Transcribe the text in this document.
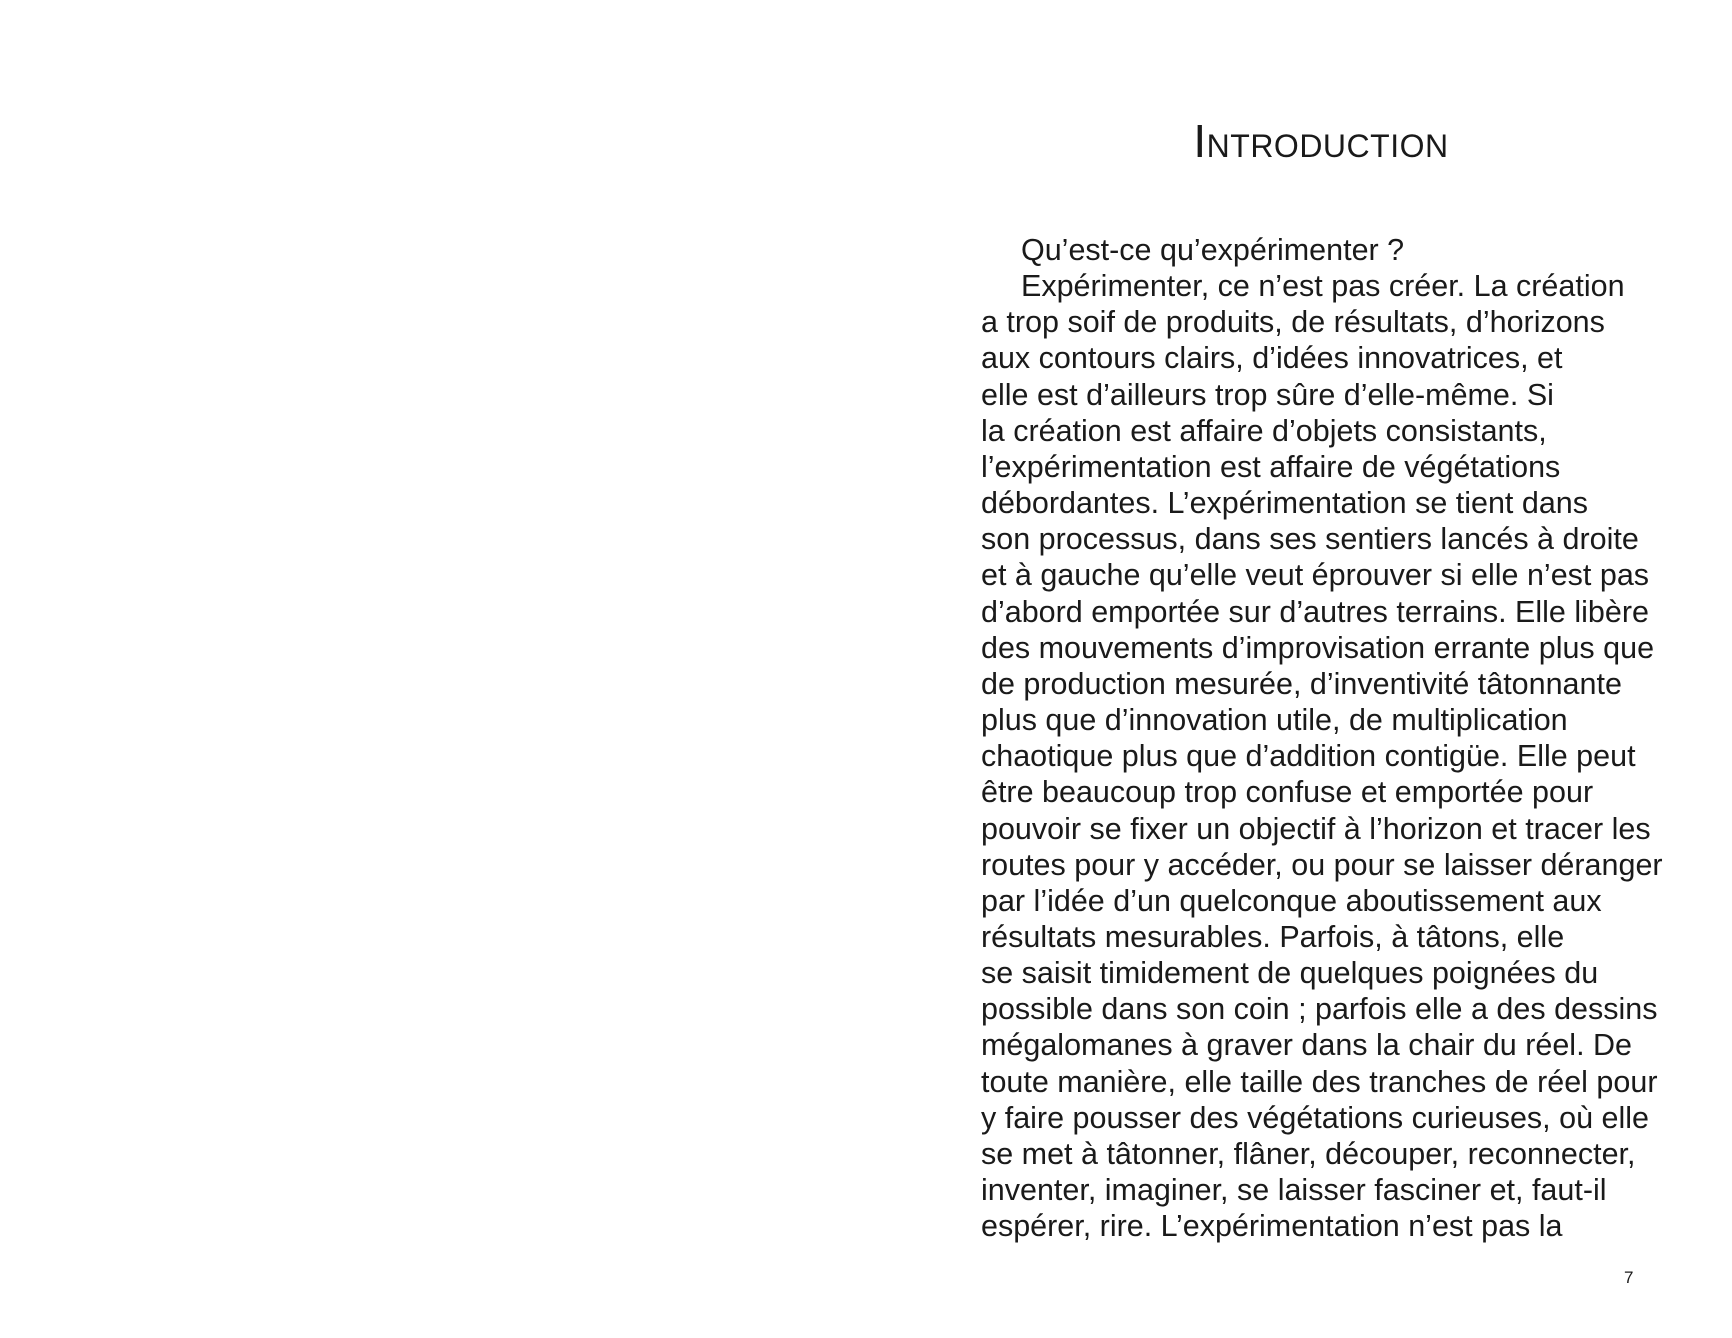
Introduction
Qu’est-ce qu’expérimenter ?
Expérimenter, ce n’est pas créer. La création
a trop soif de produits, de résultats, d’horizons
aux contours clairs, d’idées innovatrices, et
elle est d’ailleurs trop sûre d’elle-même. Si
la création est affaire d’objets consistants,
l’expérimentation est affaire de végétations
débordantes. L’expérimentation se tient dans
son processus, dans ses sentiers lancés à droite
et à gauche qu’elle veut éprouver si elle n’est pas
d’abord emportée sur d’autres terrains. Elle libère
des mouvements d’improvisation errante plus que
de production mesurée, d’inventivité tâtonnante
plus que d’innovation utile, de multiplication
chaotique plus que d’addition contigüe. Elle peut
être beaucoup trop confuse et emportée pour
pouvoir se fixer un objectif à l’horizon et tracer les
routes pour y accéder, ou pour se laisser déranger
par l’idée d’un quelconque aboutissement aux
résultats mesurables. Parfois, à tâtons, elle
se saisit timidement de quelques poignées du
possible dans son coin ; parfois elle a des dessins
mégalomanes à graver dans la chair du réel. De
toute manière, elle taille des tranches de réel pour
y faire pousser des végétations curieuses, où elle
se met à tâtonner, flâner, découper, reconnecter,
inventer, imaginer, se laisser fasciner et, faut-il
espérer, rire. L’expérimentation n’est pas la
7
